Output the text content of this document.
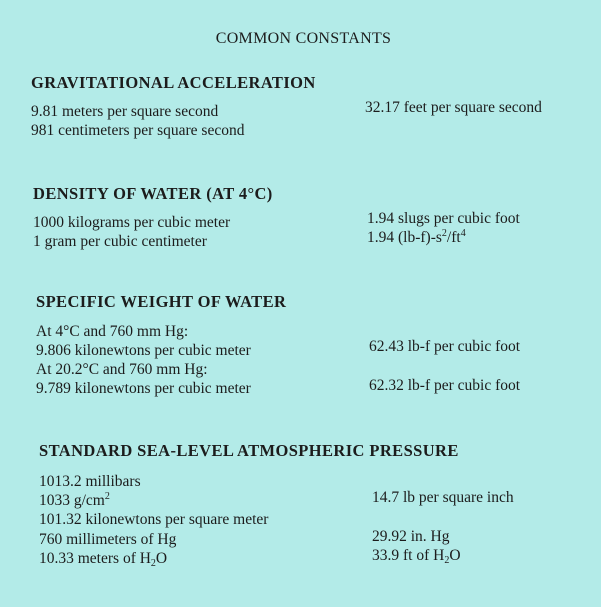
COMMON CONSTANTS
GRAVITATIONAL ACCELERATION
9.81 meters per square second
981 centimeters per square second
32.17 feet per square second
DENSITY OF WATER (AT 4°C)
1000 kilograms per cubic meter
1 gram per cubic centimeter
1.94 slugs per cubic foot
1.94 $(lb-f)-s^2/ft^4$
SPECIFIC WEIGHT OF WATER
At 4°C and 760 mm Hg:
9.806 kilonewtons per cubic meter
At 20.2°C and 760 mm Hg:
9.789 kilonewtons per cubic meter
62.43 lb-f per cubic foot
62.32 lb-f per cubic foot
STANDARD SEA-LEVEL ATMOSPHERIC PRESSURE
1013.2 millibars
1033 $g/cm^2$
101.32 kilonewtons per square meter
760 millimeters of Hg
10.33 meters of $H_2O$
14.7 lb per square inch
29.92 in. Hg
33.9 ft of $H_2O$
